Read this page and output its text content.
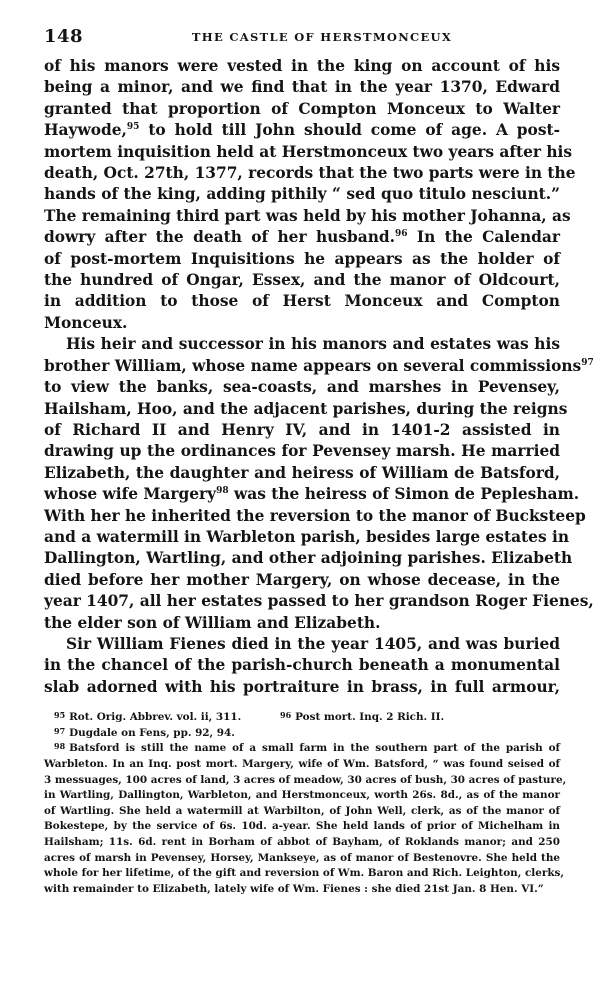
148	THE CASTLE OF HERSTMONCEUX
of his manors were vested in the king on account of his
being a minor, and we find that in the year 1370, Edward
granted that proportion of Compton Monceux to Walter
Haywode,$^{95}$ to hold till John should come of age. A post-
mortem inquisition held at Herstmonceux two years after his
death, Oct. 27th, 1377, records that the two parts were in the
hands of the king, adding pithily “ sed quo titulo nesciunt.”
The remaining third part was held by his mother Johanna, as
dowry after the death of her husband.$^{96}$ In the Calendar
of post-mortem Inquisitions he appears as the holder of
the hundred of Ongar, Essex, and the manor of Oldcourt,
in addition to those of Herst Monceux and Compton
Monceux.
His heir and successor in his manors and estates was his
brother William, whose name appears on several commissions$^{97}$
to view the banks, sea-coasts, and marshes in Pevensey,
Hailsham, Hoo, and the adjacent parishes, during the reigns
of Richard II and Henry IV, and in 1401-2 assisted in
drawing up the ordinances for Pevensey marsh. He married
Elizabeth, the daughter and heiress of William de Batsford,
whose wife Margery$^{98}$ was the heiress of Simon de Peplesham.
With her he inherited the reversion to the manor of Bucksteep
and a watermill in Warbleton parish, besides large estates in
Dallington, Wartling, and other adjoining parishes. Elizabeth
died before her mother Margery, on whose decease, in the
year 1407, all her estates passed to her grandson Roger Fienes,
the elder son of William and Elizabeth.
Sir William Fienes died in the year 1405, and was buried
in the chancel of the parish-church beneath a monumental
slab adorned with his portraiture in brass, in full armour,
95 Rot. Orig. Abbrev. vol. ii, 311.	96 Post mort. Inq. 2 Rich. II.
97 Dugdale on Fens, pp. 92, 94.
98 Batsford is still the name of a small farm in the southern part of the parish of
Warbleton. In an Inq. post mort. Margery, wife of Wm. Batsford, “ was found seised of
3 messuages, 100 acres of land, 3 acres of meadow, 30 acres of bush, 30 acres of pasture,
in Wartling, Dallington, Warbleton, and Herstmonceux, worth 26s. 8d., as of the manor
of Wartling. She held a watermill at Warbilton, of John Well, clerk, as of the manor of
Bokestepe, by the service of 6s. 10d. a-year. She held lands of prior of Michelham in
Hailsham; 11s. 6d. rent in Borham of abbot of Bayham, of Roklands manor; and 250
acres of marsh in Pevensey, Horsey, Mankseye, as of manor of Bestenovre. She held the
whole for her lifetime, of the gift and reversion of Wm. Baron and Rich. Leighton, clerks,
with remainder to Elizabeth, lately wife of Wm. Fienes : she died 21st Jan. 8 Hen. VI.”
